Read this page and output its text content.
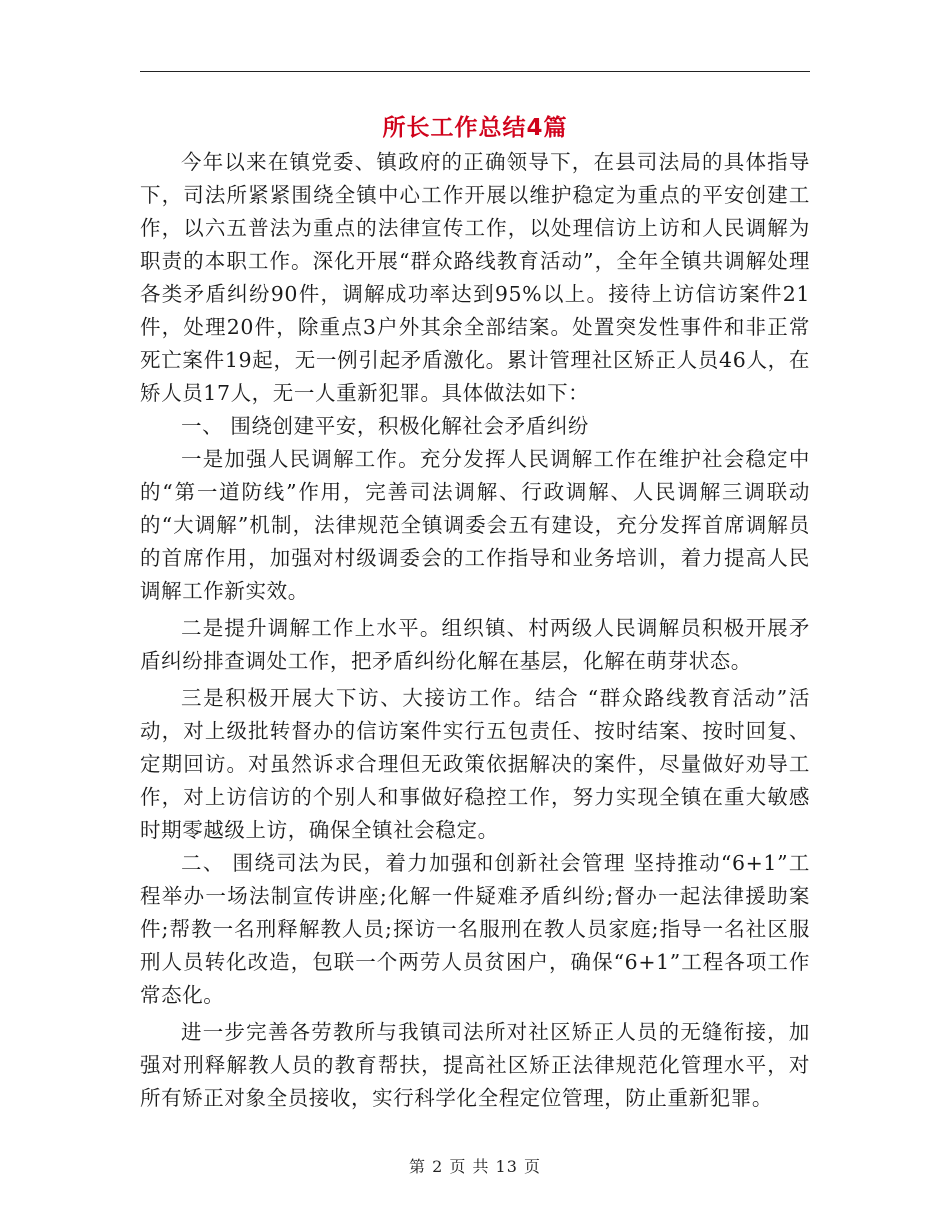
所长工作总结4篇

今年以来在镇党委、镇政府的正确领导下，在县司法局的具体指导下，司法所紧紧围绕全镇中心工作开展以维护稳定为重点的平安创建工作，以六五普法为重点的法律宣传工作，以处理信访上访和人民调解为职责的本职工作。深化开展“群众路线教育活动”，全年全镇共调解处理各类矛盾纠纷90件，调解成功率达到95%以上。接待上访信访案件21件，处理20件，除重点3户外其余全部结案。处置突发性事件和非正常死亡案件19起，无一例引起矛盾激化。累计管理社区矫正人员46人，在矫人员17人，无一人重新犯罪。具体做法如下：

一、 围绕创建平安，积极化解社会矛盾纠纷

一是加强人民调解工作。充分发挥人民调解工作在维护社会稳定中的“第一道防线”作用，完善司法调解、行政调解、人民调解三调联动的“大调解”机制，法律规范全镇调委会五有建设，充分发挥首席调解员的首席作用，加强对村级调委会的工作指导和业务培训，着力提高人民调解工作新实效。

二是提升调解工作上水平。组织镇、村两级人民调解员积极开展矛盾纠纷排查调处工作，把矛盾纠纷化解在基层，化解在萌芽状态。

三是积极开展大下访、大接访工作。结合 “群众路线教育活动”活动，对上级批转督办的信访案件实行五包责任、按时结案、按时回复、定期回访。对虽然诉求合理但无政策依据解决的案件，尽量做好劝导工作，对上访信访的个别人和事做好稳控工作，努力实现全镇在重大敏感时期零越级上访，确保全镇社会稳定。

二、 围绕司法为民，着力加强和创新社会管理 坚持推动“6+1”工程举办一场法制宣传讲座;化解一件疑难矛盾纠纷;督办一起法律援助案件;帮教一名刑释解教人员;探访一名服刑在教人员家庭;指导一名社区服刑人员转化改造，包联一个两劳人员贫困户，确保“6+1”工程各项工作常态化。

进一步完善各劳教所与我镇司法所对社区矫正人员的无缝衔接，加强对刑释解教人员的教育帮扶，提高社区矫正法律规范化管理水平，对所有矫正对象全员接收，实行科学化全程定位管理，防止重新犯罪。

第 2 页 共 13 页
